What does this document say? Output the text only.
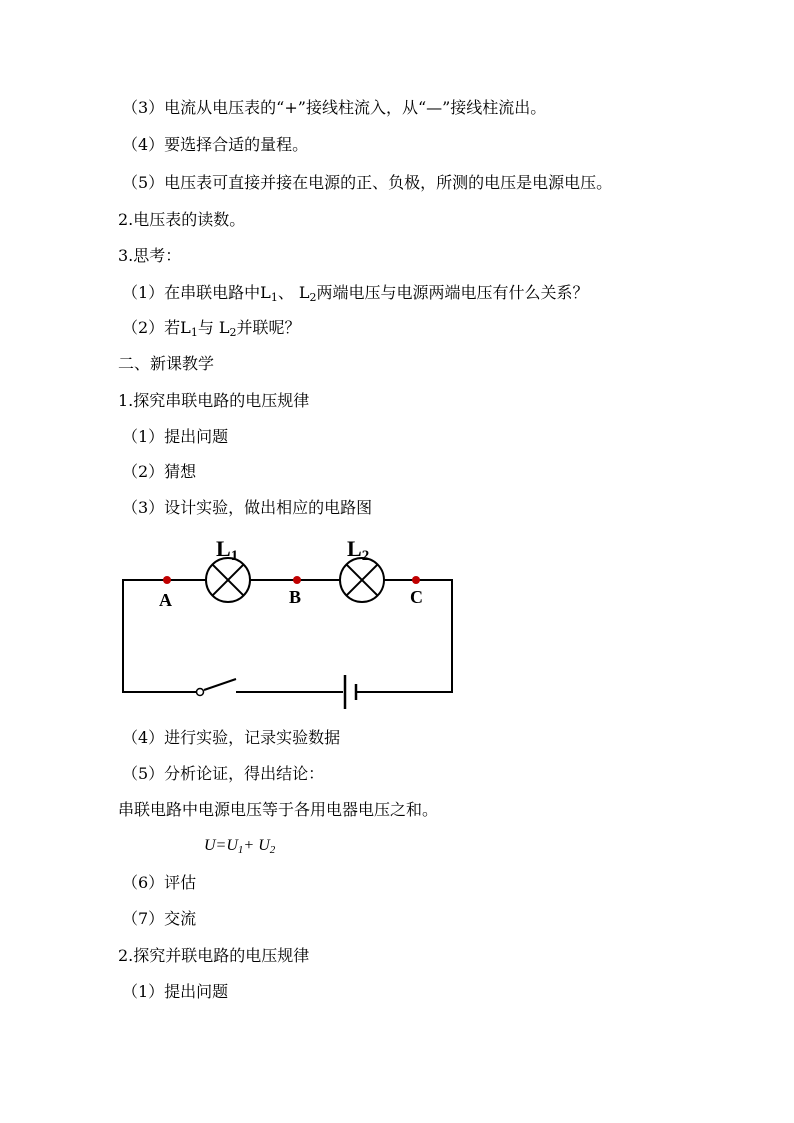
（3）电流从电压表的“+”接线柱流入，从“—”接线柱流出。
（4）要选择合适的量程。
（5）电压表可直接并接在电源的正、负极，所测的电压是电源电压。
2.电压表的读数。
3.思考：
（1）在串联电路中$L_1$、 $L_2$两端电压与电源两端电压有什么关系？
（2）若$L_1$与 $L_2$并联呢？
二、新课教学
1.探究串联电路的电压规律
（1）提出问题
（2）猜想
（3）设计实验，做出相应的电路图
L1	L2
A	B	C
（4）进行实验，记录实验数据
（5）分析论证，得出结论：
串联电路中电源电压等于各用电器电压之和。
$U=U_1+ U_2$
（6）评估
（7）交流
2.探究并联电路的电压规律
（1）提出问题
